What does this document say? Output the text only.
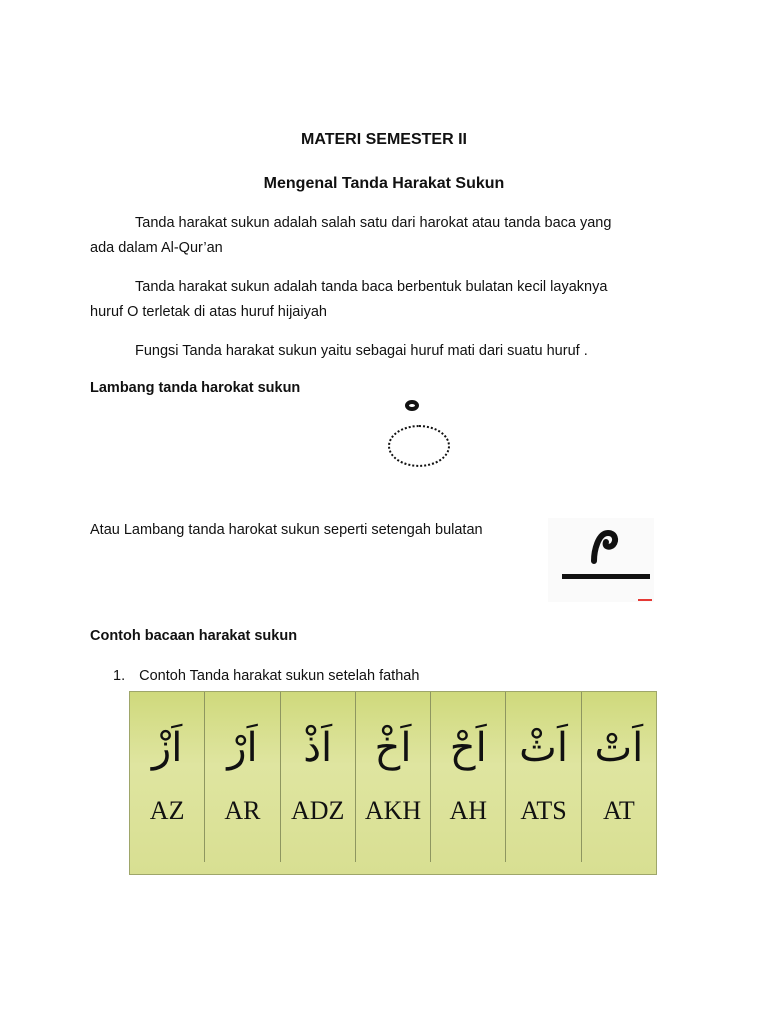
MATERI SEMESTER II
Mengenal Tanda Harakat Sukun
Tanda harakat sukun adalah salah satu dari harokat atau tanda baca yang
ada dalam Al-Qur’an
Tanda harakat sukun adalah tanda baca berbentuk bulatan kecil layaknya
huruf O terletak di atas huruf hijaiyah
Fungsi Tanda harakat sukun yaitu sebagai huruf mati dari suatu huruf .
Lambang tanda harokat sukun
Atau Lambang tanda harokat sukun seperti setengah bulatan
Contoh bacaan harakat sukun
1. Contoh Tanda harakat sukun setelah fathah
اَزْ
AZ
اَرْ
AR
اَذْ
ADZ
اَخْ
AKH
اَحْ
AH
اَثْ
ATS
اَتْ
AT
